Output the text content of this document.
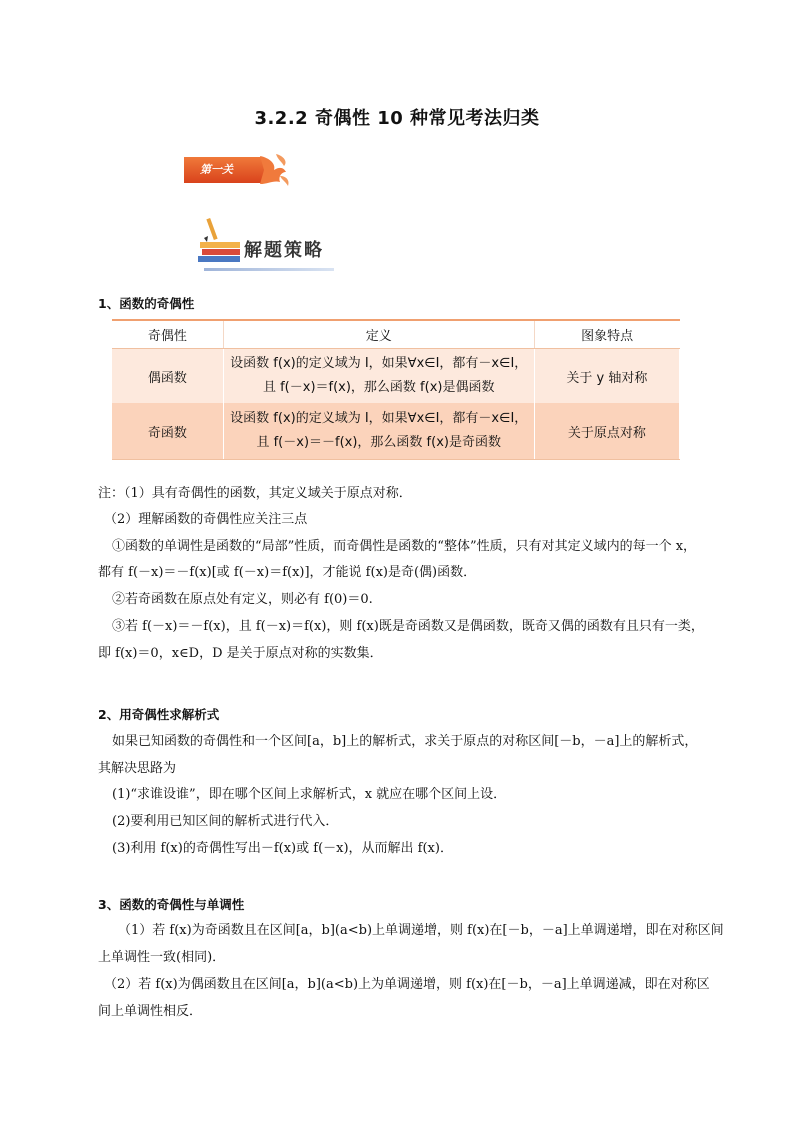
3.2.2 奇偶性 10 种常见考法归类
第一关
解题策略
1、函数的奇偶性
奇偶性	定义	图象特点
偶函数	设函数 f(x)的定义域为 I，如果∀x∈I，都有－x∈I，
且 f(－x)＝f(x)，那么函数 f(x)是偶函数	关于 y 轴对称
奇函数	设函数 f(x)的定义域为 I，如果∀x∈I，都有－x∈I，
且 f(－x)＝－f(x)，那么函数 f(x)是奇函数	关于原点对称
注：（1）具有奇偶性的函数，其定义域关于原点对称．
（2）理解函数的奇偶性应关注三点
①函数的单调性是函数的“局部”性质，而奇偶性是函数的“整体”性质，只有对其定义域内的每一个 x，
都有 f(－x)＝－f(x)[或 f(－x)＝f(x)]，才能说 f(x)是奇(偶)函数．
②若奇函数在原点处有定义，则必有 f(0)＝0.
③若 f(－x)＝－f(x)，且 f(－x)＝f(x)，则 f(x)既是奇函数又是偶函数，既奇又偶的函数有且只有一类，
即 f(x)＝0，x∈D，D 是关于原点对称的实数集．
2、用奇偶性求解析式
如果已知函数的奇偶性和一个区间[a，b]上的解析式，求关于原点的对称区间[－b，－a]上的解析式，
其解决思路为
(1)“求谁设谁”，即在哪个区间上求解析式，x 就应在哪个区间上设．
(2)要利用已知区间的解析式进行代入．
(3)利用 f(x)的奇偶性写出－f(x)或 f(－x)，从而解出 f(x)．
3、函数的奇偶性与单调性
（1）若 f(x)为奇函数且在区间[a，b](a<b)上单调递增，则 f(x)在[－b，－a]上单调递增，即在对称区间
上单调性一致(相同)．
（2）若 f(x)为偶函数且在区间[a，b](a<b)上为单调递增，则 f(x)在[－b，－a]上单调递减，即在对称区
间上单调性相反．
